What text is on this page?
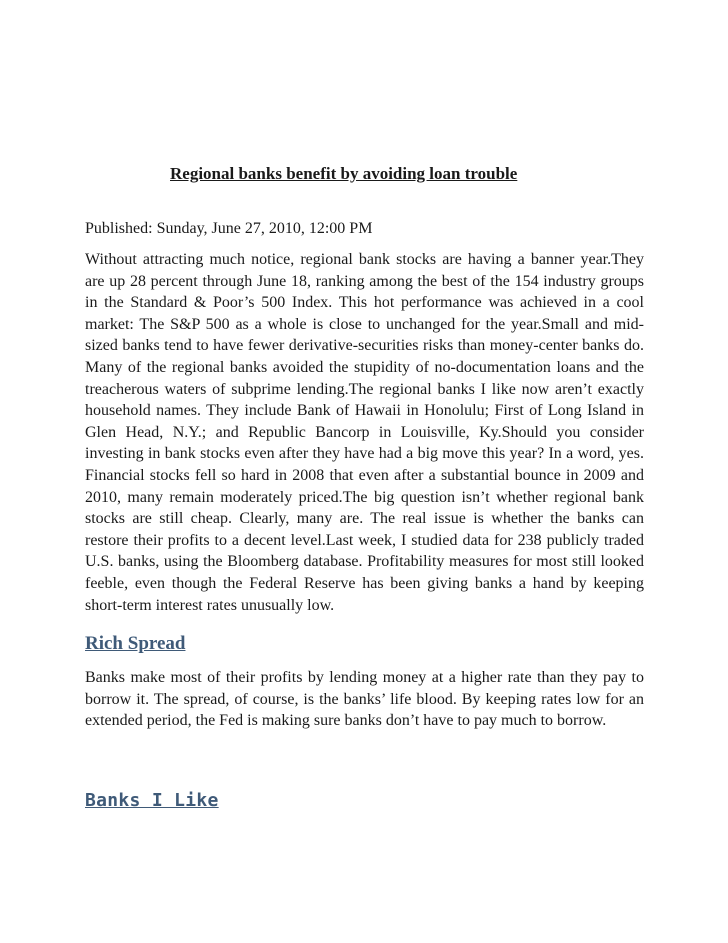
Regional banks benefit by avoiding loan trouble

Published: Sunday, June 27, 2010, 12:00 PM

Without attracting much notice, regional bank stocks are having a banner year.They are up 28 percent through June 18, ranking among the best of the 154 industry groups in the Standard & Poor’s 500 Index. This hot performance was achieved in a cool market: The S&P 500 as a whole is close to unchanged for the year.Small and mid-sized banks tend to have fewer derivative-securities risks than money-center banks do. Many of the regional banks avoided the stupidity of no-documentation loans and the treacherous waters of subprime lending.The regional banks I like now aren’t exactly household names. They include Bank of Hawaii in Honolulu; First of Long Island in Glen Head, N.Y.; and Republic Bancorp in Louisville, Ky.Should you consider investing in bank stocks even after they have had a big move this year? In a word, yes. Financial stocks fell so hard in 2008 that even after a substantial bounce in 2009 and 2010, many remain moderately priced.The big question isn’t whether regional bank stocks are still cheap. Clearly, many are. The real issue is whether the banks can restore their profits to a decent level.Last week, I studied data for 238 publicly traded U.S. banks, using the Bloomberg database. Profitability measures for most still looked feeble, even though the Federal Reserve has been giving banks a hand by keeping short-term interest rates unusually low.

Rich Spread

Banks make most of their profits by lending money at a higher rate than they pay to borrow it. The spread, of course, is the banks’ life blood. By keeping rates low for an extended period, the Fed is making sure banks don’t have to pay much to borrow.

Banks I Like
